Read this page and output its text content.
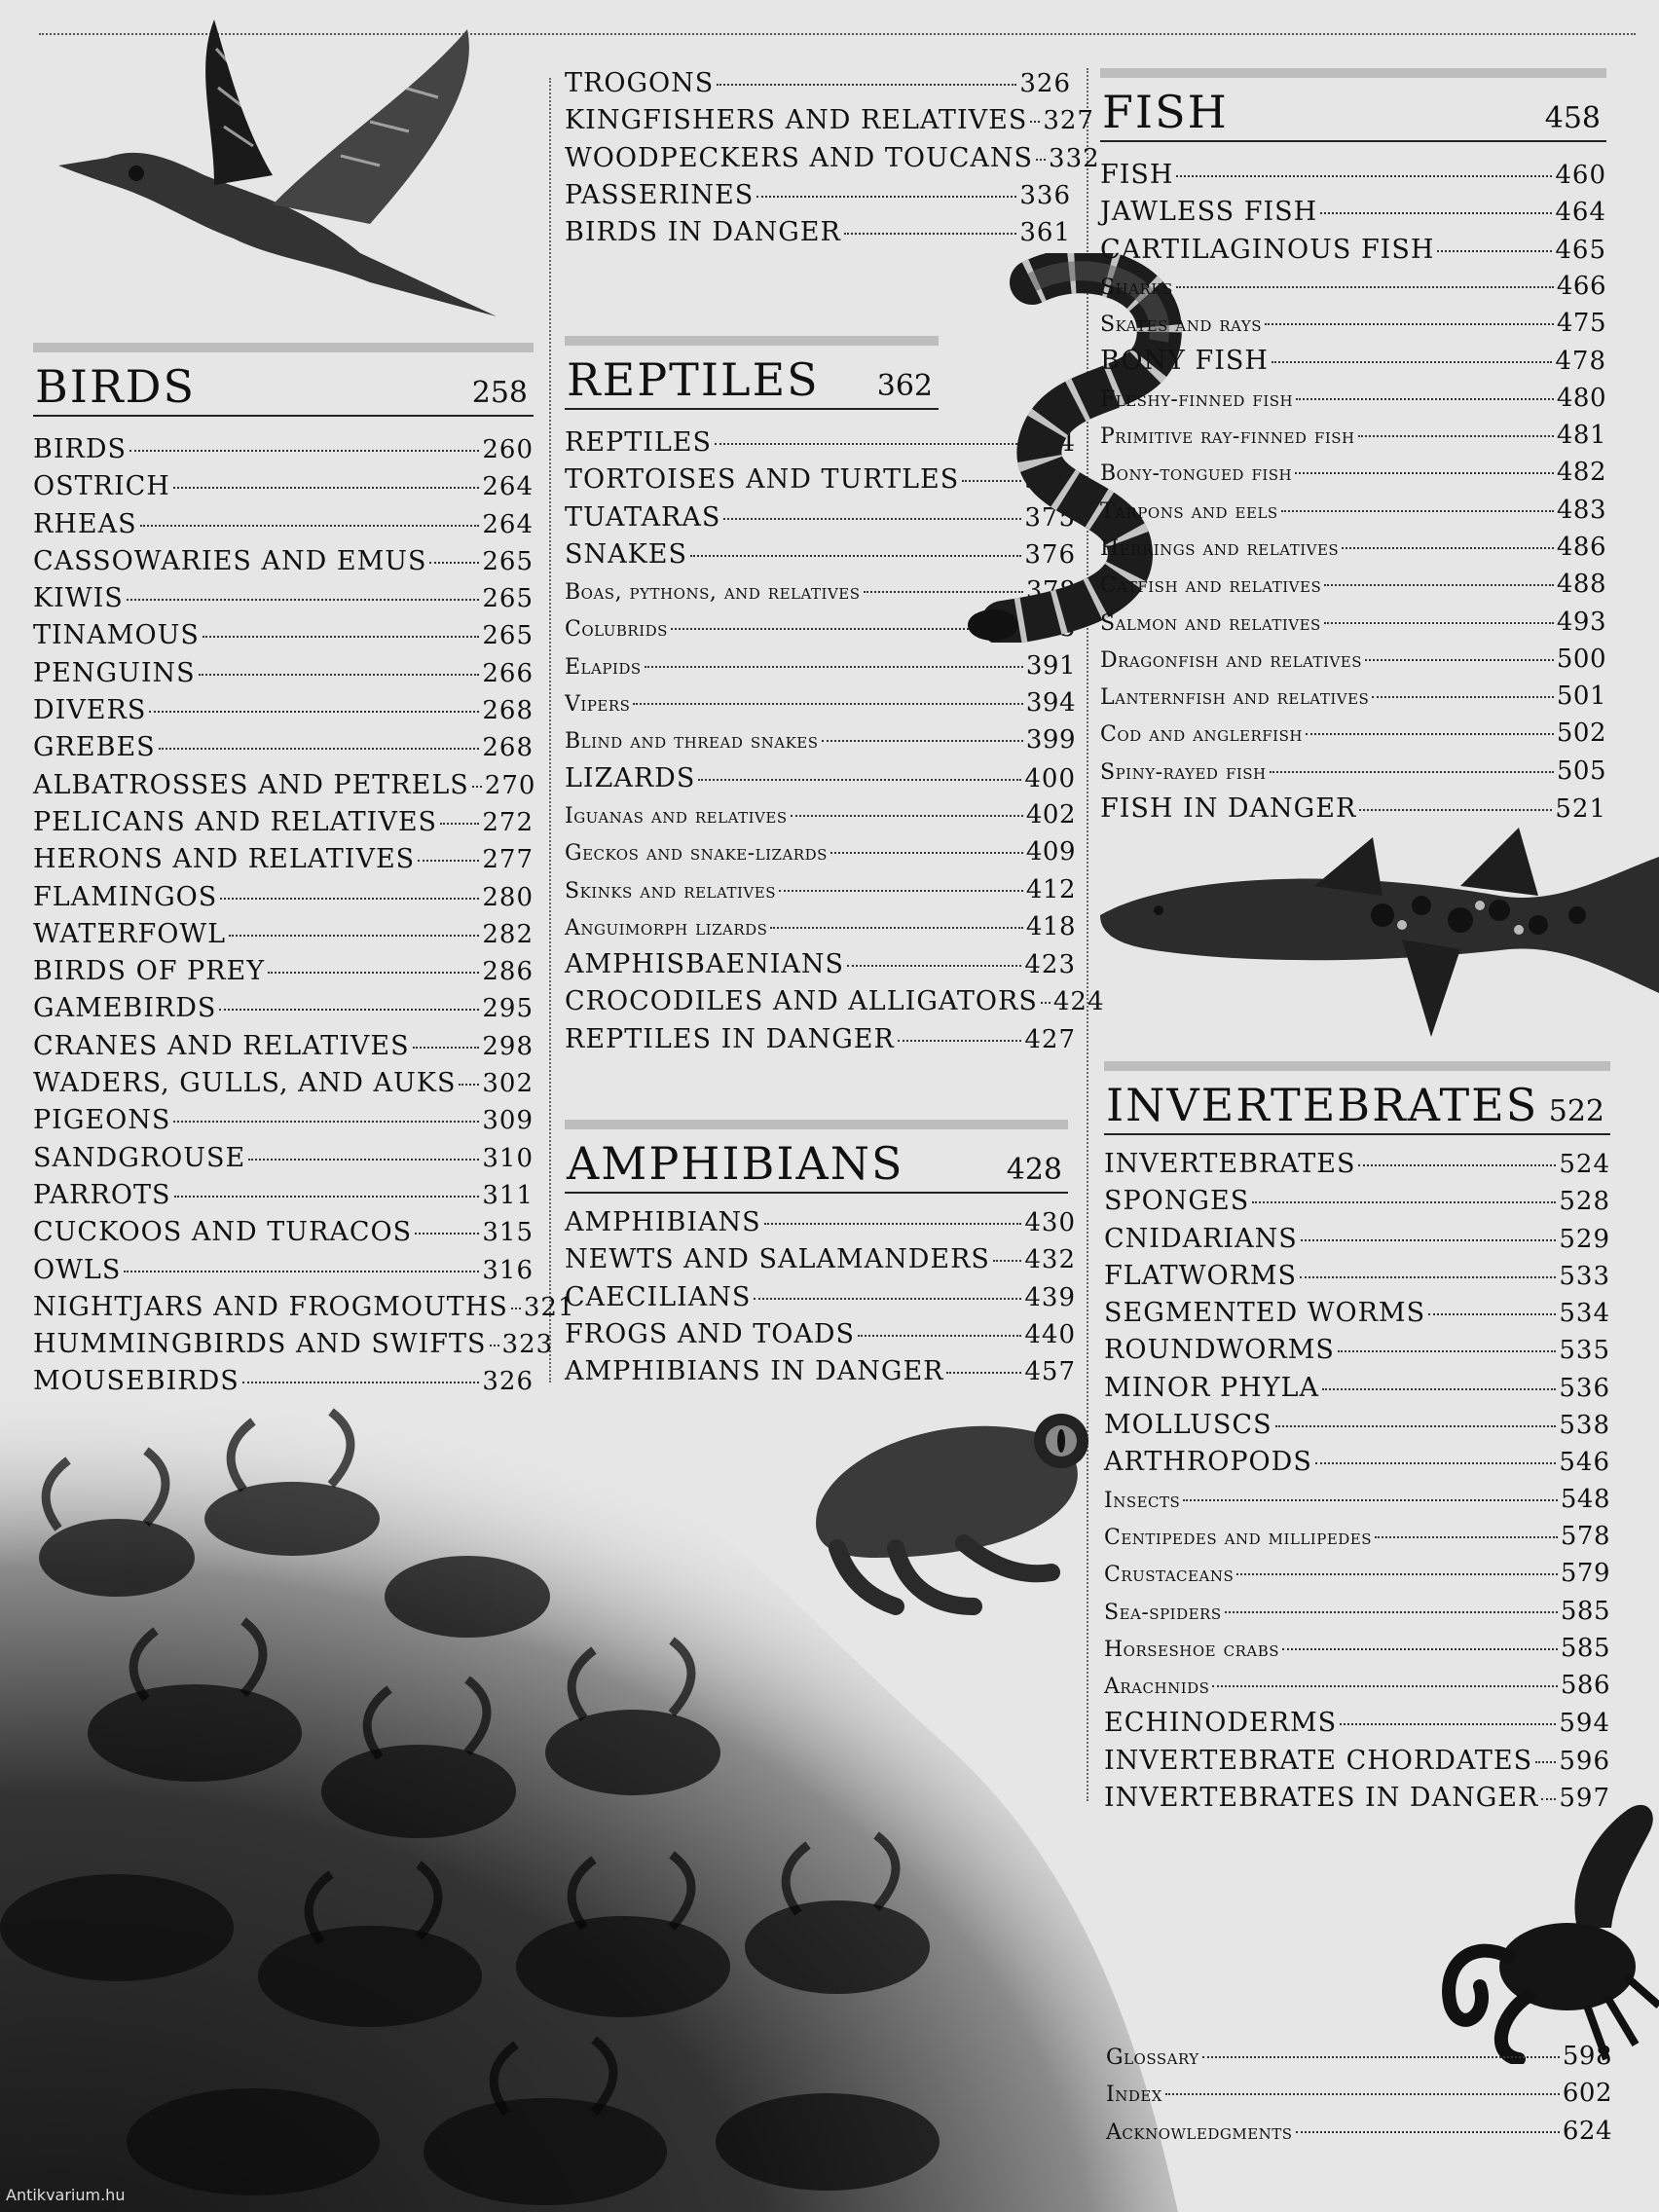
TROGONS	326
KINGFISHERS AND RELATIVES 327
WOODPECKERS AND TOUCANS 332
PASSERINES	336
BIRDS IN DANGER	361
BIRDS	258
BIRDS	260
OSTRICH	264
RHEAS	264
CASSOWARIES AND EMUS 265
KIWIS	265
TINAMOUS	265
PENGUINS	266
DIVERS	268
GREBES	268
ALBATROSSES AND PETRELS 270
PELICANS AND RELATIVES 272
HERONS AND RELATIVES	277
FLAMINGOS	280
WATERFOWL	282
BIRDS OF PREY	286
GAMEBIRDS	295
CRANES AND RELATIVES	298
WADERS, GULLS, AND AUKS 302
PIGEONS	309
SANDGROUSE	310
PARROTS	311
CUCKOOS AND TURACOS	315
OWLS	316
NIGHTJARS AND FROGMOUTHS 321
HUMMINGBIRDS AND SWIFTS 323
MOUSEBIRDS	326
REPTILES 362
REPTILES	364
TORTOISES AND TURTLES	366
TUATARAS	375
SNAKES	376
Boas, pythons, and relatives	378
Colubrids	385
Elapids	391
Vipers	394
Blind and thread snakes	399
LIZARDS	400
Iguanas and relatives	402
Geckos and snake-lizards	409
Skinks and relatives	412
Anguimorph lizards	418
AMPHISBAENIANS	423
CROCODILES AND ALLIGATORS 424
REPTILES IN DANGER	427
AMPHIBIANS	428
AMPHIBIANS	430
NEWTS AND SALAMANDERS 432
CAECILIANS	439
FROGS AND TOADS	440
AMPHIBIANS IN DANGER	457
FISH	458
FISH	460
JAWLESS FISH	464
CARTILAGINOUS FISH	465
Sharks	466
Skates and rays	475
BONY FISH	478
Fleshy-finned fish	480
Primitive ray-finned fish	481
Bony-tongued fish	482
Tarpons and eels	483
Herrings and relatives	486
Catfish and relatives	488
Salmon and relatives	493
Dragonfish and relatives	500
Lanternfish and relatives	501
Cod and anglerfish	502
Spiny-rayed fish	505
FISH IN DANGER	521
INVERTEBRATES 522
INVERTEBRATES	524
SPONGES	528
CNIDARIANS	529
FLATWORMS	533
SEGMENTED WORMS	534
ROUNDWORMS	535
MINOR PHYLA	536
MOLLUSCS	538
ARTHROPODS	546
Insects	548
Centipedes and millipedes	578
Crustaceans	579
Sea-spiders	585
Horseshoe crabs	585
Arachnids	586
ECHINODERMS	594
INVERTEBRATE CHORDATES 596
INVERTEBRATES IN DANGER 597
Glossary	598
Index	602
Acknowledgments	624
Antikvarium.hu
